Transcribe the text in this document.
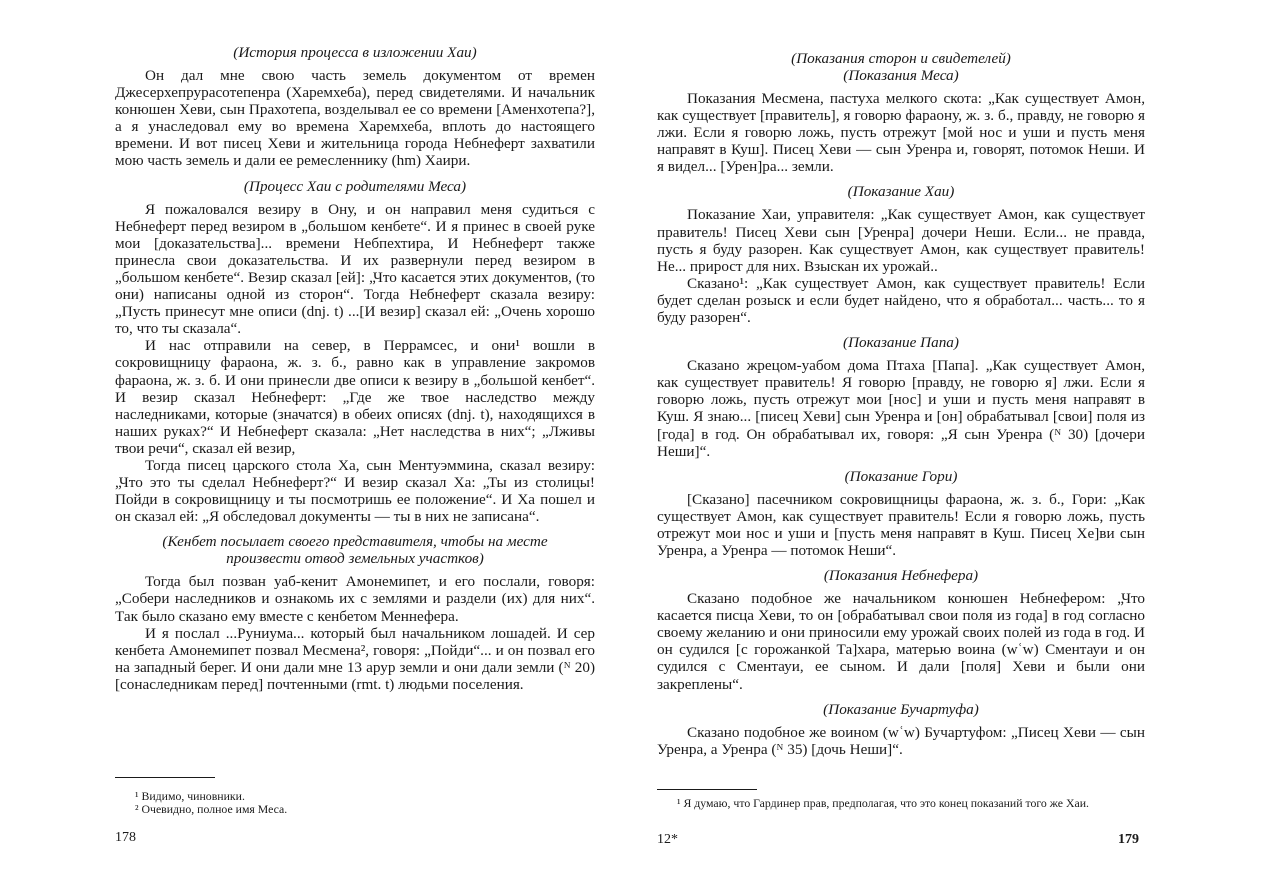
(История процесса в изложении Хаи)

Он дал мне свою часть земель документом от времен Джесерхепрурасотепенра (Харемхеба), перед свидетелями. И начальник конюшен Хеви, сын Прахотепа, возделывал ее со времени [Аменхотепа?], а я унаследовал ему во времена Харемхеба, вплоть до настоящего времени. И вот писец Хеви и жительница города Небнеферт захватили мою часть земель и дали ее ремесленнику (hm) Хаири.

(Процесс Хаи с родителями Меса)

Я пожаловался везиру в Ону, и он направил меня судиться с Небнеферт перед везиром в „большом кенбете“. И я принес в своей руке мои [доказательства]... времени Небпехтира, И Небнеферт также принесла свои доказательства. И их развернули перед везиром в „большом кенбете“. Везир сказал [ей]: „Что касается этих документов, (то они) написаны одной из сторон“. Тогда Небнеферт сказала везиру: „Пусть принесут мне описи (dnj. t) ...[И везир] сказал ей: „Очень хорошо то, что ты сказала“.

И нас отправили на север, в Перрамсес, и они¹ вошли в сокровищницу фараона, ж. з. б., равно как в управление закромов фараона, ж. з. б. И они принесли две описи к везиру в „большой кенбет“. И везир сказал Небнеферт: „Где же твое наследство между наследниками, которые (значатся) в обеих описях (dnj. t), находящихся в наших руках?“ И Небнеферт сказала: „Нет наследства в них“; „Лживы твои речи“, сказал ей везир,

Тогда писец царского стола Ха, сын Ментуэммина, сказал везиру: „Что это ты сделал Небнеферт?“ И везир сказал Ха: „Ты из столицы! Пойди в сокровищницу и ты посмотришь ее положение“. И Ха пошел и он сказал ей: „Я обследовал документы — ты в них не записана“.

(Кенбет посылает своего представителя, чтобы на месте произвести отвод земельных участков)

Тогда был позван уаб-кенит Амонемипет, и его послали, говоря: „Собери наследников и ознакомь их с землями и раздели (их) для них“. Так было сказано ему вместе с кенбетом Меннефера.

И я послал ...Руниума... который был начальником лошадей. И сер кенбета Амонемипет позвал Месмена², говоря: „Пойди“... и он позвал его на западный берег. И они дали мне 13 арур земли и они дали земли (ᴺ 20) [сонаследникам перед] почтенными (rmt. t) людьми поселения.

¹ Видимо, чиновники.

² Очевидно, полное имя Меса.

178

(Показания сторон и свидетелей)

(Показания Меса)

Показания Месмена, пастуха мелкого скота: „Как существует Амон, как существует [правитель], я говорю фараону, ж. з. б., правду, не говорю я лжи. Если я говорю ложь, пусть отрежут [мой нос и уши и пусть меня направят в Куш]. Писец Хеви — сын Уренра и, говорят, потомок Неши. И я видел... [Урен]ра... земли.

(Показание Хаи)

Показание Хаи, управителя: „Как существует Амон, как существует правитель! Писец Хеви сын [Уренра] дочери Неши. Если... не правда, пусть я буду разорен. Как существует Амон, как существует правитель! Не... прирост для них. Взыскан их урожай..

Сказано¹: „Как существует Амон, как существует правитель! Если будет сделан розыск и если будет найдено, что я обработал... часть... то я буду разорен“.

(Показание Папа)

Сказано жрецом-уабом дома Птаха [Папа]. „Как существует Амон, как существует правитель! Я говорю [правду, не говорю я] лжи. Если я говорю ложь, пусть отрежут мои [нос] и уши и пусть меня направят в Куш. Я знаю... [писец Хеви] сын Уренра и [он] обрабатывал [свои] поля из [года] в год. Он обрабатывал их, говоря: „Я сын Уренра (ᴺ 30) [дочери Неши]“.

(Показание Гори)

[Сказано] пасечником сокровищницы фараона, ж. з. б., Гори: „Как существует Амон, как существует правитель! Если я говорю ложь, пусть отрежут мои нос и уши и [пусть меня направят в Куш. Писец Хе]ви сын Уренра, а Уренра — потомок Неши“.

(Показания Небнефера)

Сказано подобное же начальником конюшен Небнефером: „Что касается писца Хеви, то он [обрабатывал свои поля из года] в год согласно своему желанию и они приносили ему урожай своих полей из года в год. И он судился [с горожанкой Та]хара, матерью воина (wʿw) Сментауи и он судился с Сментауи, ее сыном. И дали [поля] Хеви и были они закреплены“.

(Показание Бучартуфа)

Сказано подобное же воином (wʿw) Бучартуфом: „Писец Хеви — сын Уренра, а Уренра (ᴺ 35) [дочь Неши]“.

¹ Я думаю, что Гардинер прав, предполагая, что это конец показаний того же Хаи.

12*	179
